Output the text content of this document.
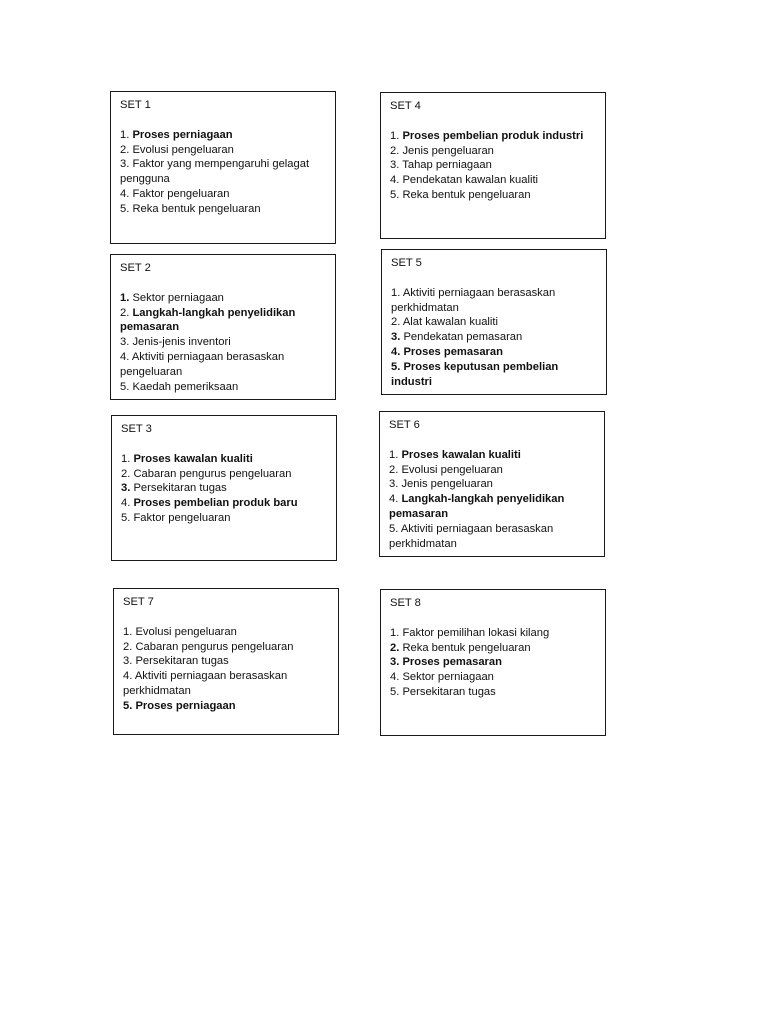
SET 1
1. Proses perniagaan
2. Evolusi pengeluaran
3. Faktor yang mempengaruhi gelagat pengguna
4. Faktor pengeluaran
5. Reka bentuk pengeluaran
SET 4
1. Proses pembelian produk industri
2. Jenis pengeluaran
3. Tahap perniagaan
4. Pendekatan kawalan kualiti
5. Reka bentuk pengeluaran
SET 2
1. Sektor perniagaan
2. Langkah-langkah penyelidikan pemasaran
3. Jenis-jenis inventori
4. Aktiviti perniagaan berasaskan pengeluaran
5. Kaedah pemeriksaan
SET 5
1. Aktiviti perniagaan berasaskan perkhidmatan
2. Alat kawalan kualiti
3. Pendekatan pemasaran
4. Proses pemasaran
5. Proses keputusan pembelian industri
SET 3
1. Proses kawalan kualiti
2. Cabaran pengurus pengeluaran
3. Persekitaran tugas
4. Proses pembelian produk baru
5. Faktor pengeluaran
SET 6
1. Proses kawalan kualiti
2. Evolusi pengeluaran
3. Jenis pengeluaran
4. Langkah-langkah penyelidikan pemasaran
5. Aktiviti perniagaan berasaskan perkhidmatan
SET 7
1. Evolusi pengeluaran
2. Cabaran pengurus pengeluaran
3. Persekitaran tugas
4. Aktiviti perniagaan berasaskan perkhidmatan
5. Proses perniagaan
SET 8
1. Faktor pemilihan lokasi kilang
2. Reka bentuk pengeluaran
3. Proses pemasaran
4. Sektor perniagaan
5. Persekitaran tugas
